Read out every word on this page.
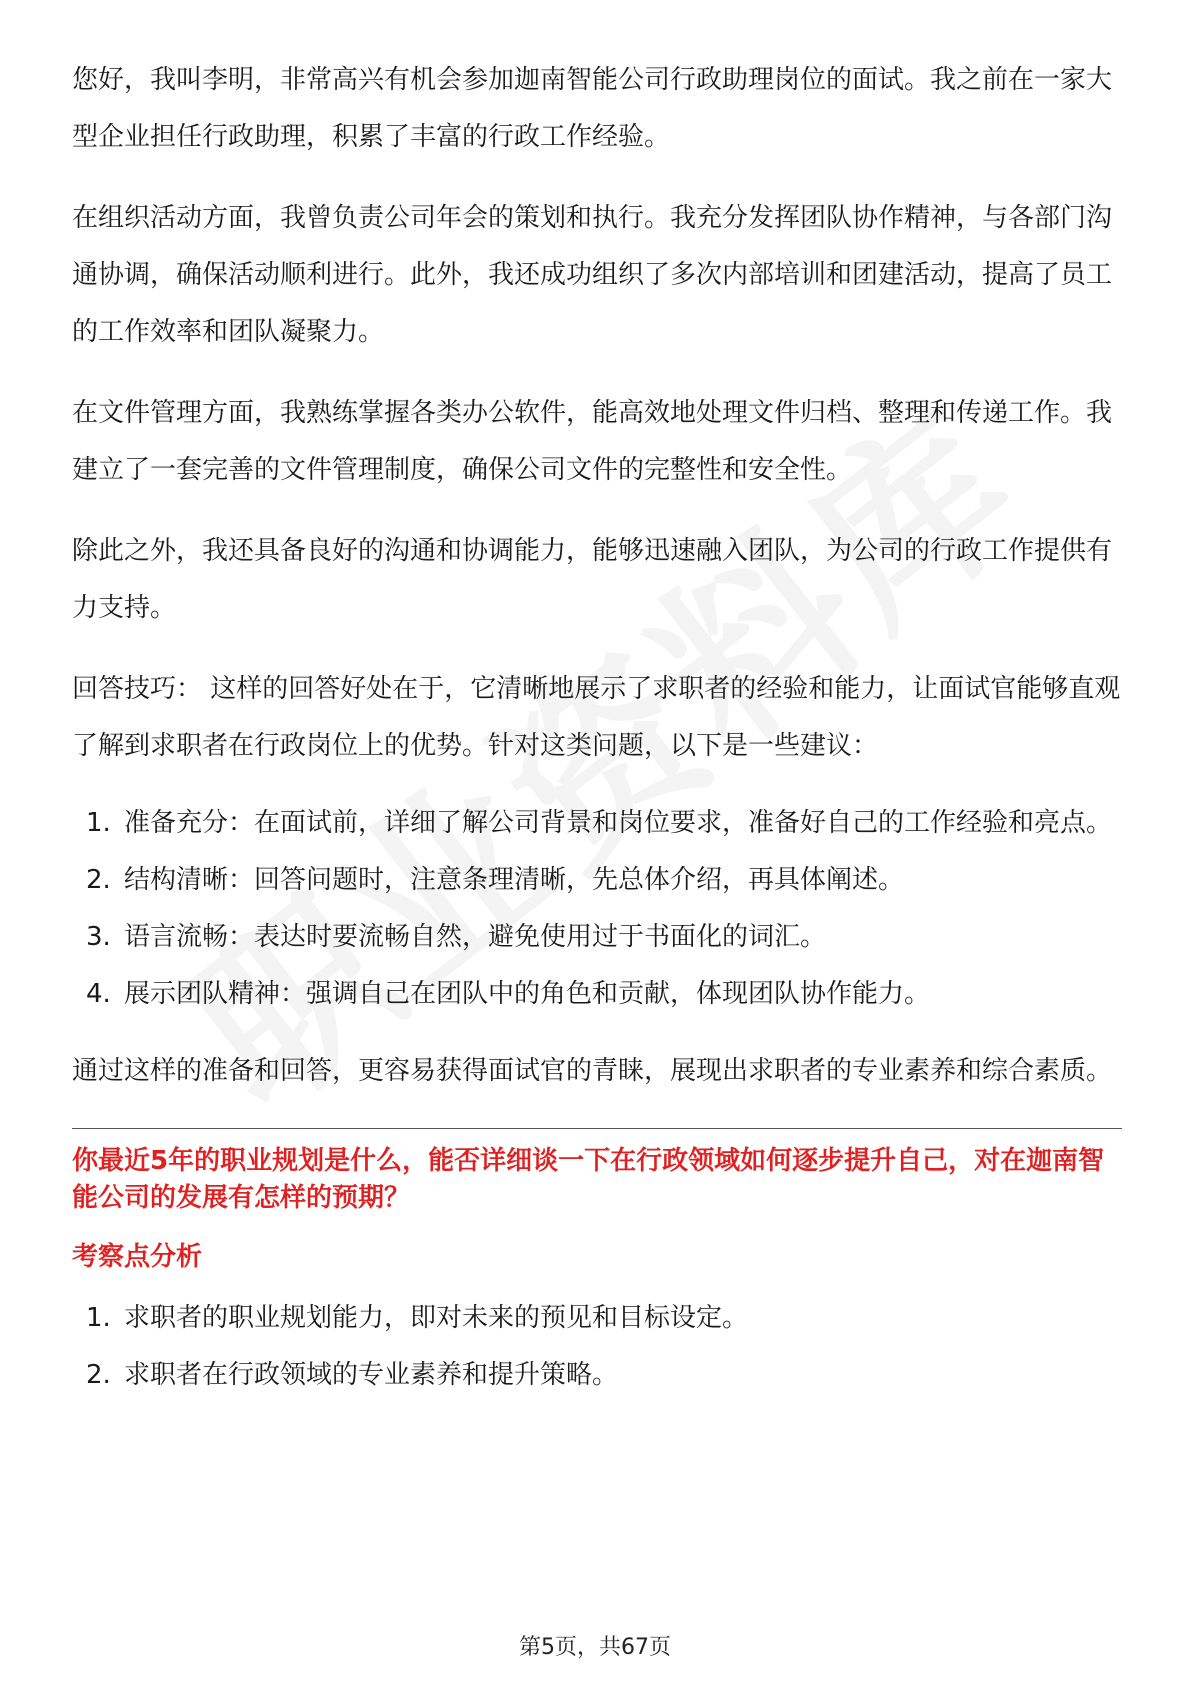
您好，我叫李明，非常高兴有机会参加迦南智能公司行政助理岗位的面试。我之前在一家大型企业担任行政助理，积累了丰富的行政工作经验。

在组织活动方面，我曾负责公司年会的策划和执行。我充分发挥团队协作精神，与各部门沟通协调，确保活动顺利进行。此外，我还成功组织了多次内部培训和团建活动，提高了员工的工作效率和团队凝聚力。

在文件管理方面，我熟练掌握各类办公软件，能高效地处理文件归档、整理和传递工作。我建立了一套完善的文件管理制度，确保公司文件的完整性和安全性。

除此之外，我还具备良好的沟通和协调能力，能够迅速融入团队，为公司的行政工作提供有力支持。

回答技巧： 这样的回答好处在于，它清晰地展示了求职者的经验和能力，让面试官能够直观了解到求职者在行政岗位上的优势。针对这类问题，以下是一些建议：

1. 准备充分：在面试前，详细了解公司背景和岗位要求，准备好自己的工作经验和亮点。
2. 结构清晰：回答问题时，注意条理清晰，先总体介绍，再具体阐述。
3. 语言流畅：表达时要流畅自然，避免使用过于书面化的词汇。
4. 展示团队精神：强调自己在团队中的角色和贡献，体现团队协作能力。

通过这样的准备和回答，更容易获得面试官的青睐，展现出求职者的专业素养和综合素质。

你最近5年的职业规划是什么，能否详细谈一下在行政领域如何逐步提升自己，对在迦南智能公司的发展有怎样的预期？
考察点分析
1. 求职者的职业规划能力，即对未来的预见和目标设定。
2. 求职者在行政领域的专业素养和提升策略。
第5页，共67页
